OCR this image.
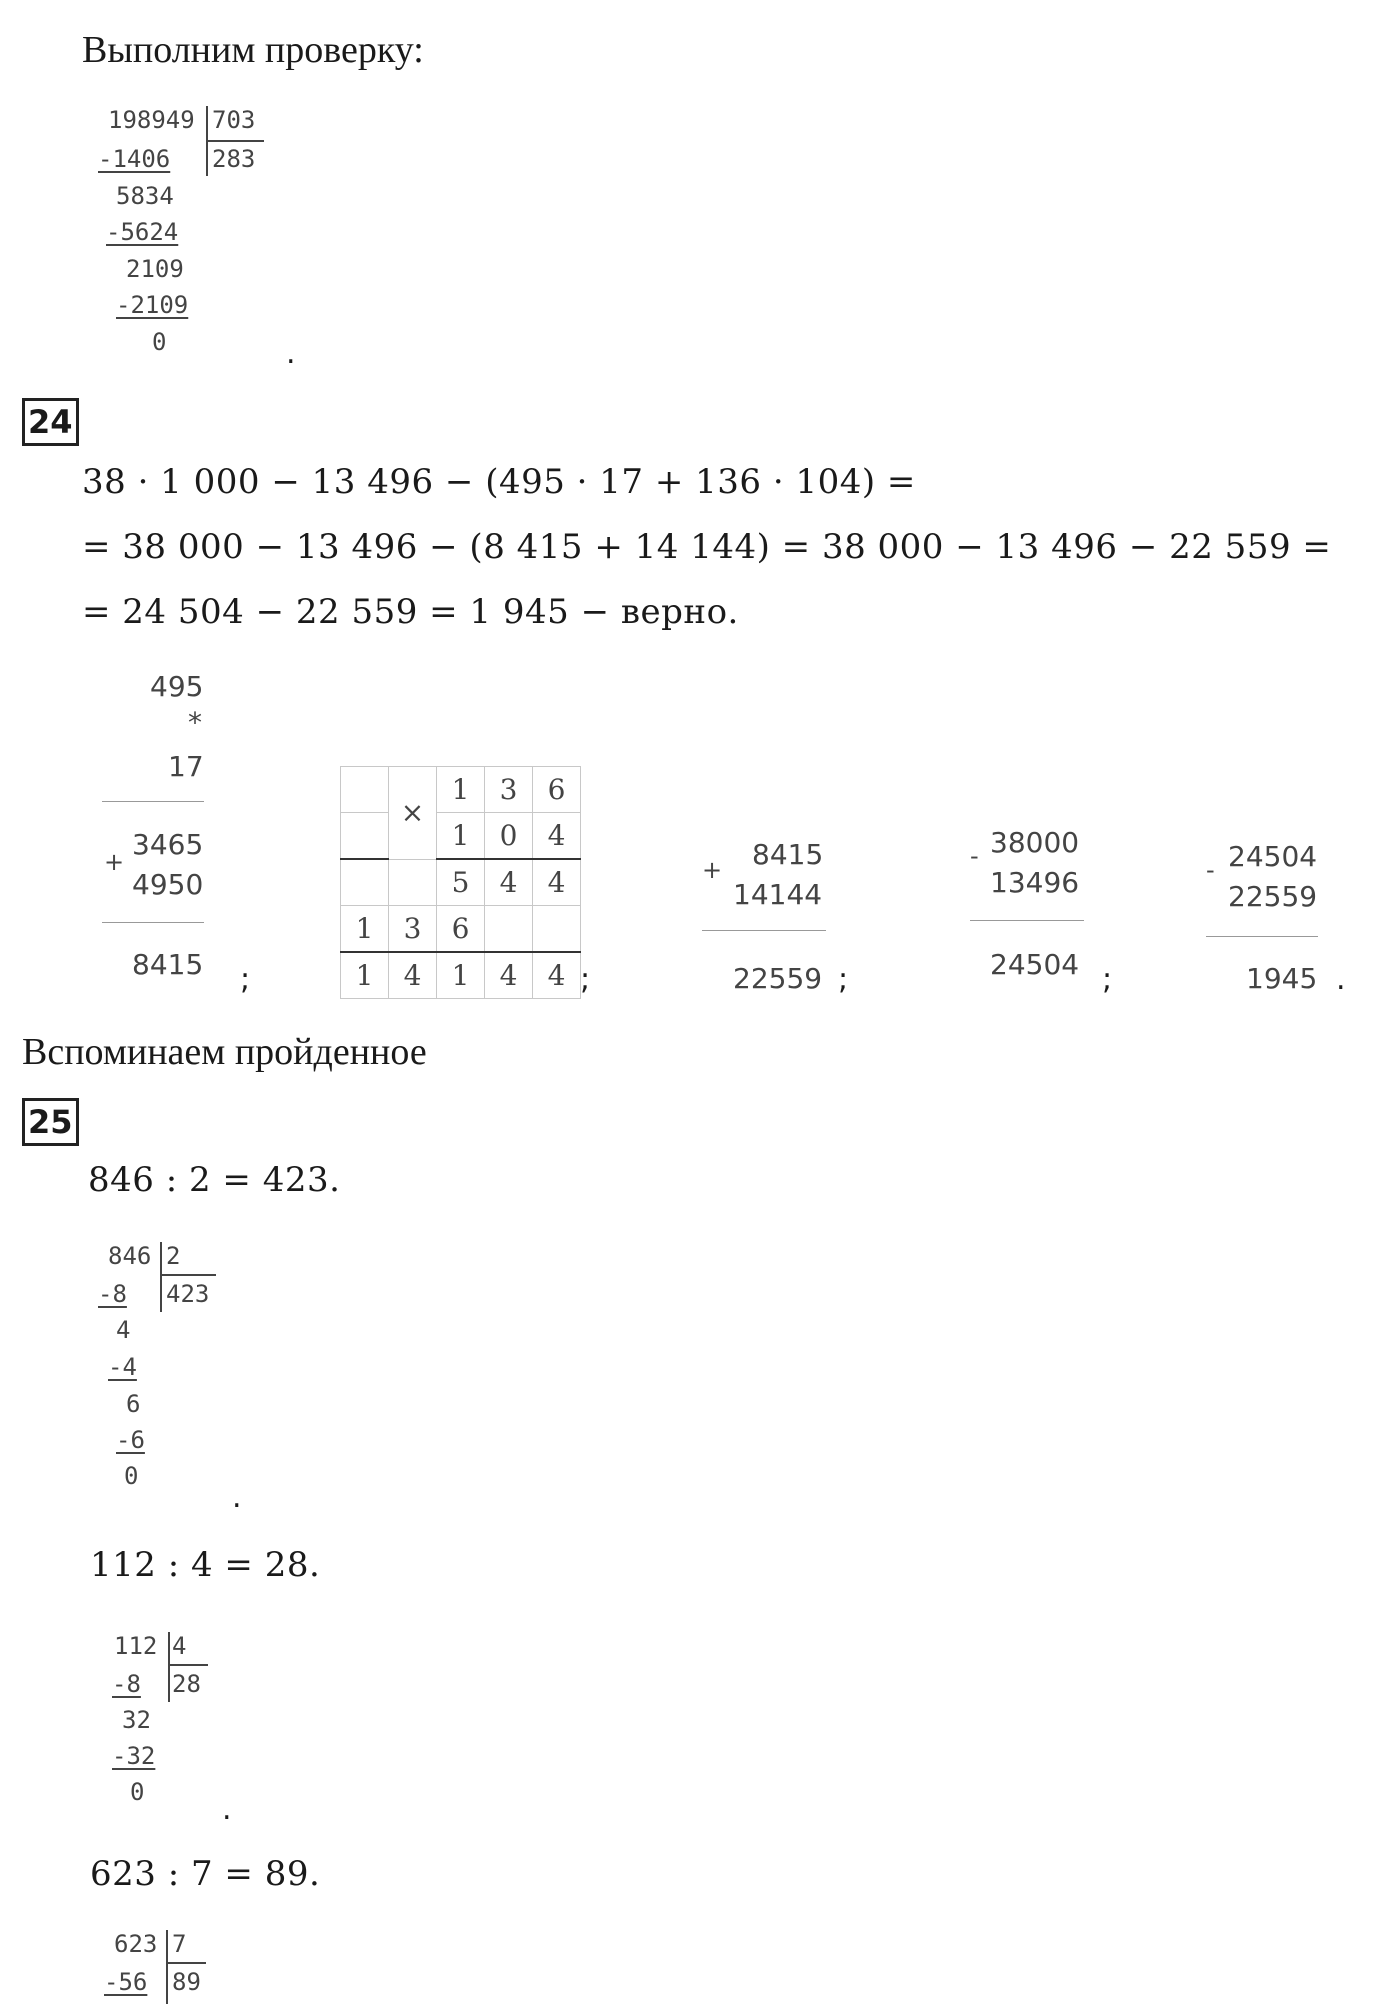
Выполним проверку:
198949 703
283
-1406
5834
-5624
2109
-2109
0	.
24
38 · 1 000 − 13 496 − (495 · 17 + 136 · 104) =
= 38 000 − 13 496 − (8 415 + 14 144) = 38 000 − 13 496 − 22 559 =
= 24 504 − 22 559 = 1 945 − верно.
495
*
17
3465
+
4950
8415 ;
	×	1	3	6
		1	0	4
		5	4	4
1	3	6		
1	4	1	4	4 ;
8415
+
14144
22559 ;
38000
-
13496
24504 ;
24504
-
22559
1945 .
Вспоминаем пройденное
25
846 : 2 = 423.
846 2
423
-8
4
-4
6
-6
0
.
112 : 4 = 28.
112 4
28
-8
32
-32
0	.
623 : 7 = 89.
623 7
89
-56
